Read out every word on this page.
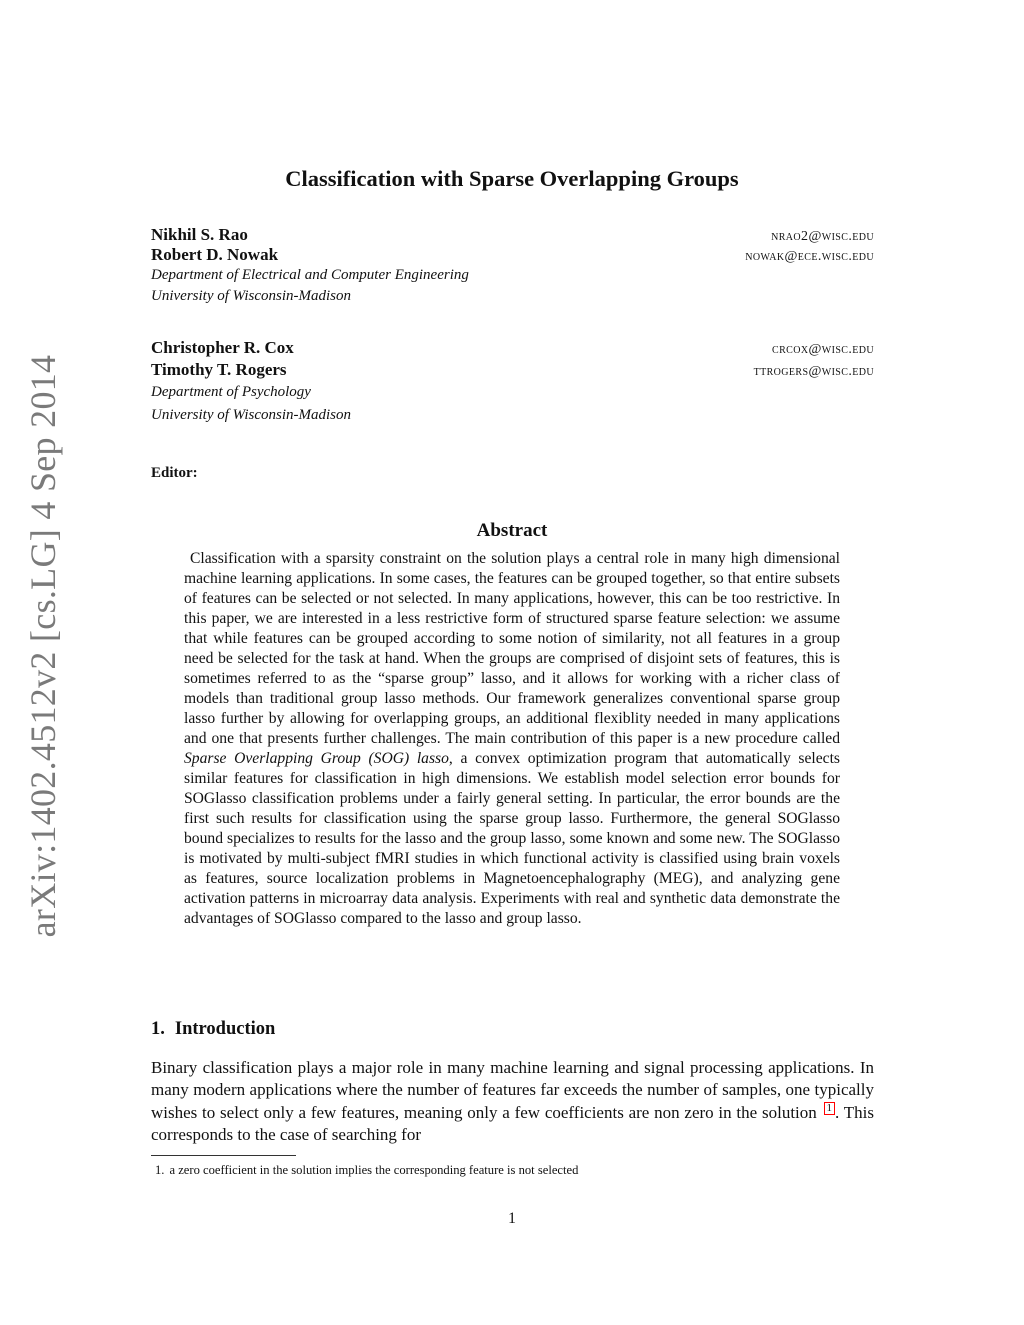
arXiv:1402.4512v2 [cs.LG] 4 Sep 2014
Classification with Sparse Overlapping Groups
Nikhil S. Rao	nrao2@wisc.edu
Robert D. Nowak	nowak@ece.wisc.edu
Department of Electrical and Computer Engineering
University of Wisconsin-Madison
Christopher R. Cox	crcox@wisc.edu
Timothy T. Rogers	ttrogers@wisc.edu
Department of Psychology
University of Wisconsin-Madison
Editor:
Abstract

Classification with a sparsity constraint on the solution plays a central role in many high dimensional machine learning applications. In some cases, the features can be grouped together, so that entire subsets of features can be selected or not selected. In many applications, however, this can be too restrictive. In this paper, we are interested in a less restrictive form of structured sparse feature selection: we assume that while features can be grouped according to some notion of similarity, not all features in a group need be selected for the task at hand. When the groups are comprised of disjoint sets of features, this is sometimes referred to as the “sparse group” lasso, and it allows for working with a richer class of models than traditional group lasso methods. Our framework generalizes conventional sparse group lasso further by allowing for overlapping groups, an additional flexiblity needed in many applications and one that presents further challenges. The main contribution of this paper is a new procedure called Sparse Overlapping Group (SOG) lasso, a convex optimization program that automatically selects similar features for classification in high dimensions. We establish model selection error bounds for SOGlasso classification problems under a fairly general setting. In particular, the error bounds are the first such results for classification using the sparse group lasso. Furthermore, the general SOGlasso bound specializes to results for the lasso and the group lasso, some known and some new. The SOGlasso is motivated by multi-subject fMRI studies in which functional activity is classified using brain voxels as features, source localization problems in Magnetoencephalography (MEG), and analyzing gene activation patterns in microarray data analysis. Experiments with real and synthetic data demonstrate the advantages of SOGlasso compared to the lasso and group lasso.

1. Introduction

Binary classification plays a major role in many machine learning and signal processing applications. In many modern applications where the number of features far exceeds the number of samples, one typically wishes to select only a few features, meaning only a few coefficients are non zero in the solution 1 . This corresponds to the case of searching for

1. a zero coefficient in the solution implies the corresponding feature is not selected
1
